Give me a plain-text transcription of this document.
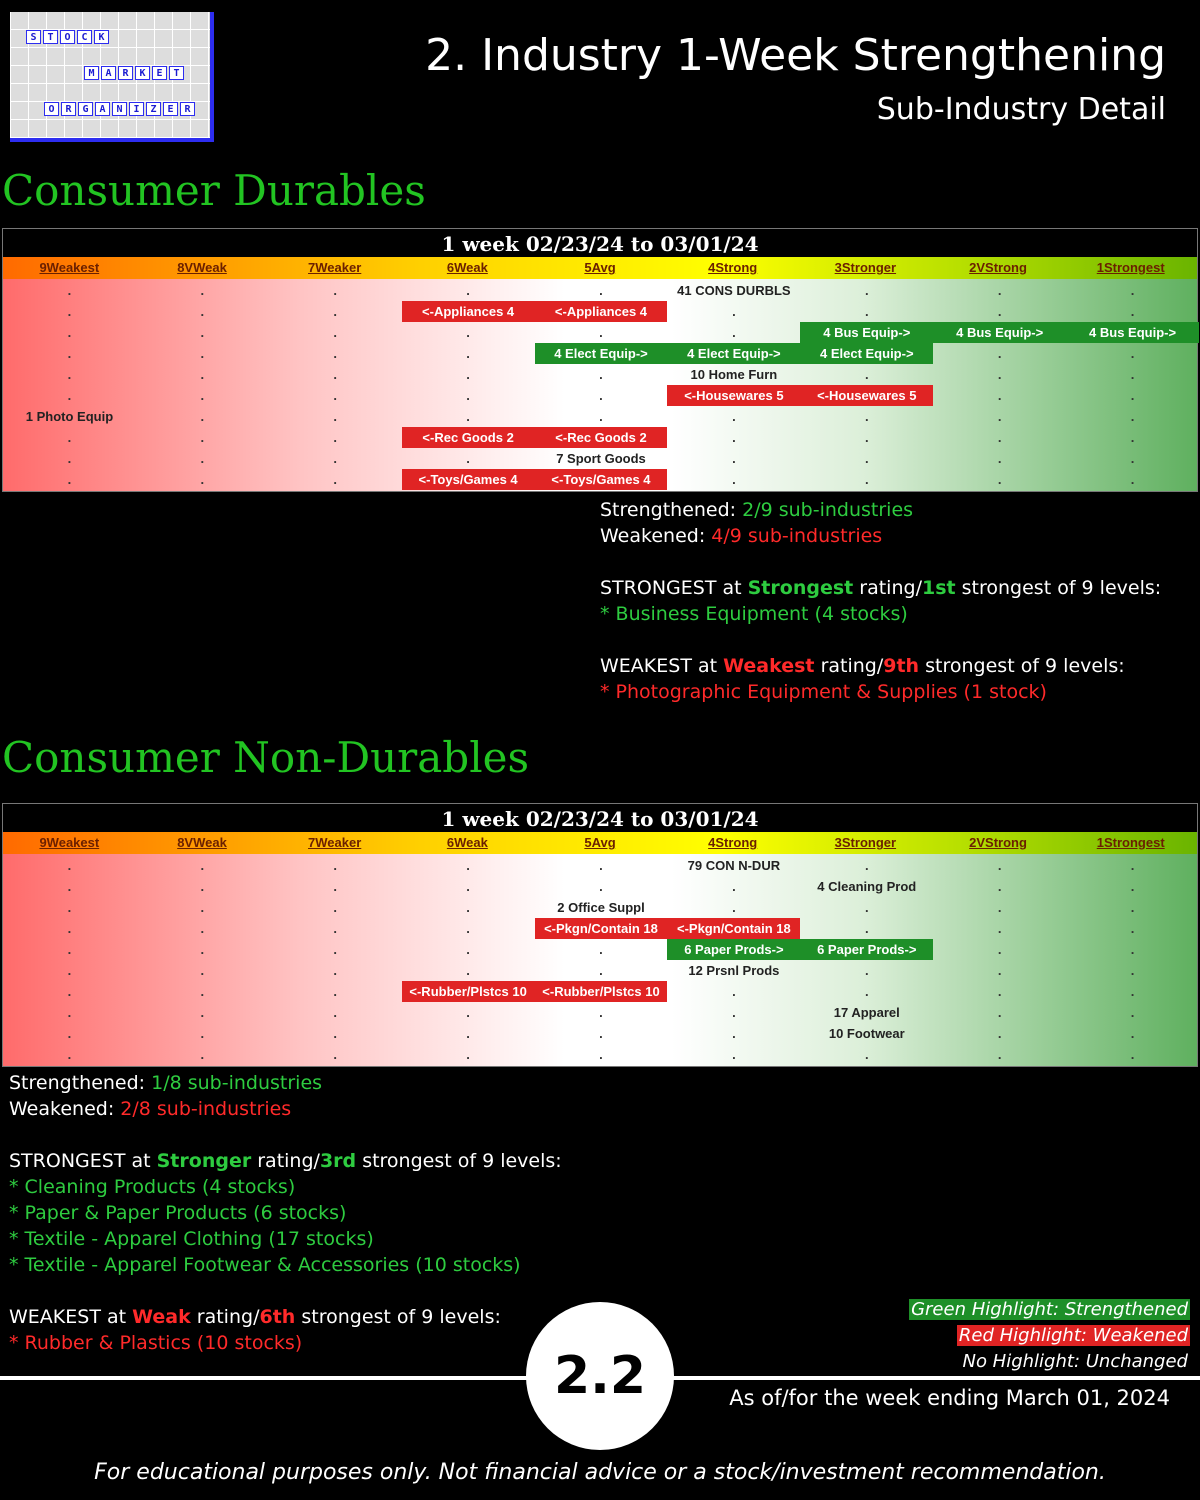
S	T	O	C	K
M	A	R	K	E	T
O	R	G	A	N	I	Z	E	R
2. Industry 1-Week Strengthening
Sub-Industry Detail
Consumer Durables
1 week 02/23/24 to 03/01/24
9Weakest	8VWeak	7Weaker	6Weak	5Avg	4Strong	3Stronger	2VStrong	1Strongest
.	.	.	.	.	41 CONS DURBLS	.	.	.
.	.	.	<-Appliances 4	<-Appliances 4	.	.	.	.
.	.	.	.	.	.	4 Bus Equip->	4 Bus Equip->	4 Bus Equip->
.	.	.	.	4 Elect Equip->	4 Elect Equip->	4 Elect Equip->	.	.
.	.	.	.	.	10 Home Furn	.	.	.
.	.	.	.	.	<-Housewares 5	<-Housewares 5	.	.
1 Photo Equip	.	.	.	.	.	.	.	.
.	.	.	<-Rec Goods 2	<-Rec Goods 2	.	.	.	.
.	.	.	.	7 Sport Goods	.	.	.	.
.	.	.	<-Toys/Games 4	<-Toys/Games 4	.	.	.	.
Strengthened: 2/9 sub-industries
Weakened: 4/9 sub-industries
STRONGEST at Strongest rating/1st strongest of 9 levels:
* Business Equipment (4 stocks)
WEAKEST at Weakest rating/9th strongest of 9 levels:
* Photographic Equipment & Supplies (1 stock)
Consumer Non-Durables
1 week 02/23/24 to 03/01/24
9Weakest	8VWeak	7Weaker	6Weak	5Avg	4Strong	3Stronger	2VStrong	1Strongest
.	.	.	.	.	79 CON N-DUR	.	.	.
.	.	.	.	.	.	4 Cleaning Prod	.	.
.	.	.	.	2 Office Suppl	.	.	.	.
.	.	.	.	<-Pkgn/Contain 18	<-Pkgn/Contain 18	.	.	.
.	.	.	.	.	6 Paper Prods->	6 Paper Prods->	.	.
.	.	.	.	.	12 Prsnl Prods	.	.	.
.	.	.	<-Rubber/Plstcs 10	<-Rubber/Plstcs 10	.	.	.	.
.	.	.	.	.	.	17 Apparel	.	.
.	.	.	.	.	.	10 Footwear	.	.
.	.	.	.	.	.	.	.	.
Strengthened: 1/8 sub-industries
Weakened: 2/8 sub-industries
STRONGEST at Stronger rating/3rd strongest of 9 levels:
* Cleaning Products (4 stocks)
* Paper & Paper Products (6 stocks)
* Textile - Apparel Clothing (17 stocks)
* Textile - Apparel Footwear & Accessories (10 stocks)
WEAKEST at Weak rating/6th strongest of 9 levels:
* Rubber & Plastics (10 stocks)
Green Highlight: Strengthened
Red Highlight: Weakened
No Highlight: Unchanged
2.2	As of/for the week ending March 01, 2024
For educational purposes only. Not financial advice or a stock/investment recommendation.
